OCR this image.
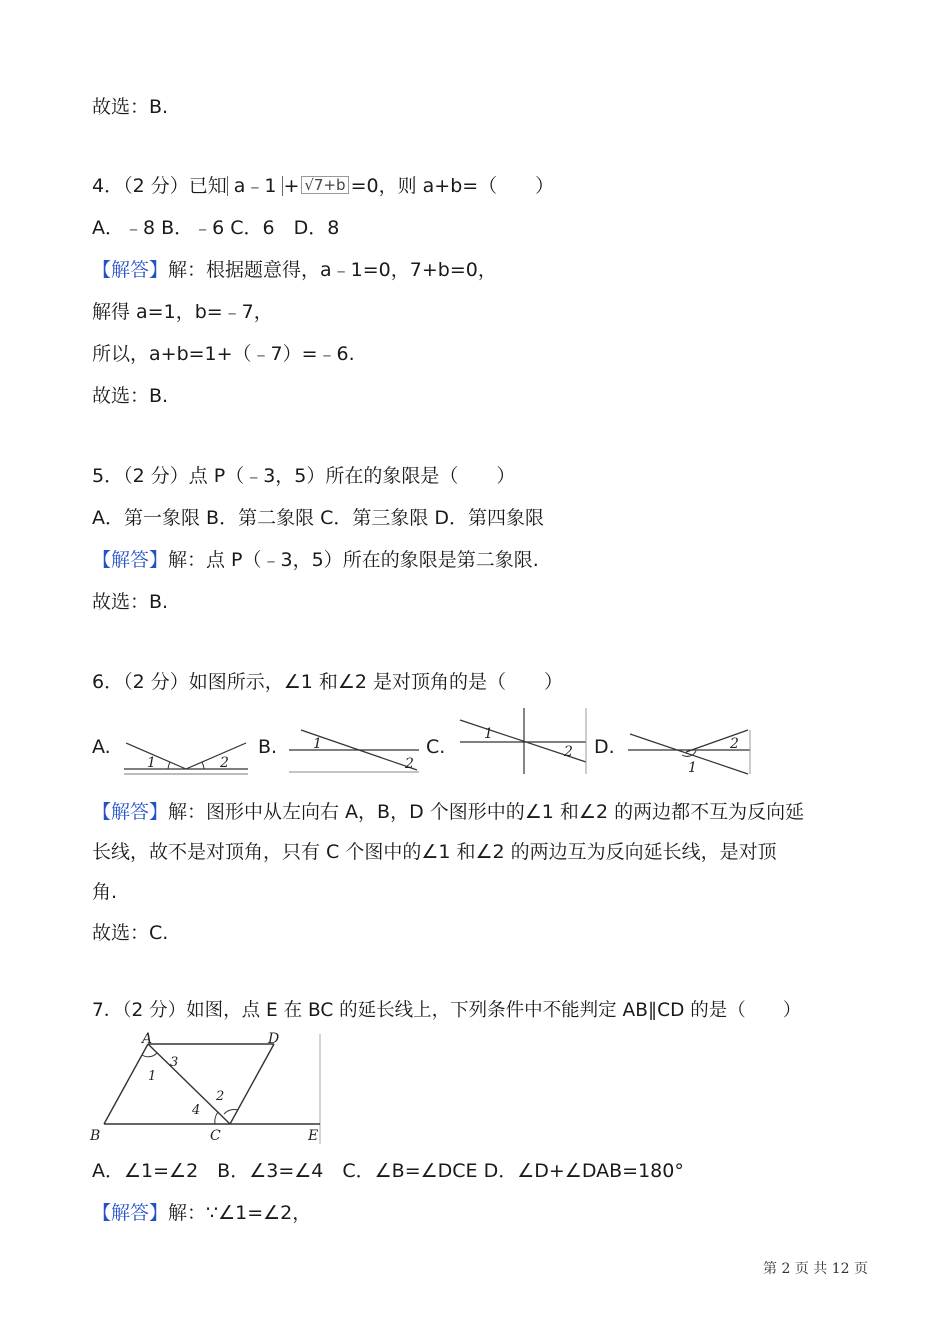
故选：B.
4．（2 分）已知 a﹣1 + √7+b =0，则 a+b=（　　）
A．﹣8 B．﹣6 C．6　D．8
【解答】解：根据题意得，a﹣1=0，7+b=0，
解得 a=1，b=﹣7，
所以，a+b=1+（﹣7）=﹣6.
故选：B.
5．（2 分）点 P（﹣3，5）所在的象限是（　　）
A．第一象限 B．第二象限 C．第三象限 D．第四象限
【解答】解：点 P（﹣3，5）所在的象限是第二象限.
故选：B.
6．（2 分）如图所示，∠1 和∠2 是对顶角的是（　　）
A.
1	2
B.	1
2
C.
1
2 D.
1
2
【解答】解：图形中从左向右 A，B，D 个图形中的∠1 和∠2 的两边都不互为反向延
长线，故不是对顶角，只有 C 个图中的∠1 和∠2 的两边互为反向延长线，是对顶
角.
故选：C.
7．（2 分）如图，点 E 在 BC 的延长线上，下列条件中不能判定 AB∥CD 的是（　　）
A	D
B	C	E
1
2
3
4
A．∠1=∠2　B．∠3=∠4　C．∠B=∠DCE D．∠D+∠DAB=180°
【解答】解：∵∠1=∠2，
第 2 页 共 12 页
